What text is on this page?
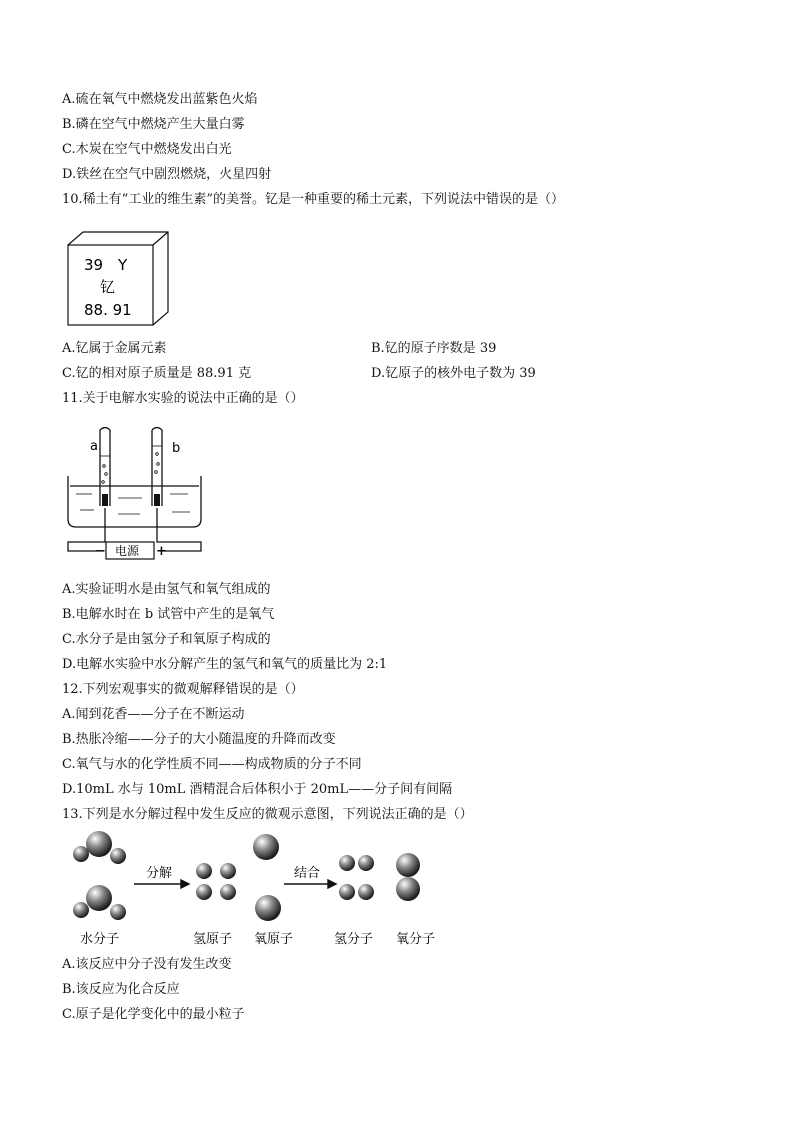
A.硫在氧气中燃烧发出蓝紫色火焰
B.磷在空气中燃烧产生大量白雾
C.木炭在空气中燃烧发出白光
D.铁丝在空气中剧烈燃烧，火星四射
10.稀土有“工业的维生素”的美誉。钇是一种重要的稀土元素，下列说法中错误的是（）
39 Y
钇
88. 91
A.钇属于金属元素	B.钇的原子序数是 39
C.钇的相对原子质量是 88.91 克	D.钇原子的核外电子数为 39
11.关于电解水实验的说法中正确的是（）
a	b
电源
−	+
A.实验证明水是由氢气和氧气组成的
B.电解水时在 b 试管中产生的是氧气
C.水分子是由氢分子和氧原子构成的
D.电解水实验中水分解产生的氢气和氧气的质量比为 2:1
12.下列宏观事实的微观解释错误的是（）
A.闻到花香——分子在不断运动
B.热胀冷缩——分子的大小随温度的升降而改变
C.氧气与水的化学性质不同——构成物质的分子不同
D.10mL 水与 10mL 酒精混合后体积小于 20mL——分子间有间隔
13.下列是水分解过程中发生反应的微观示意图，下列说法正确的是（）
分解	结合
水分子	氢原子 氧原子	氢分子 氧分子
A.该反应中分子没有发生改变
B.该反应为化合反应
C.原子是化学变化中的最小粒子
